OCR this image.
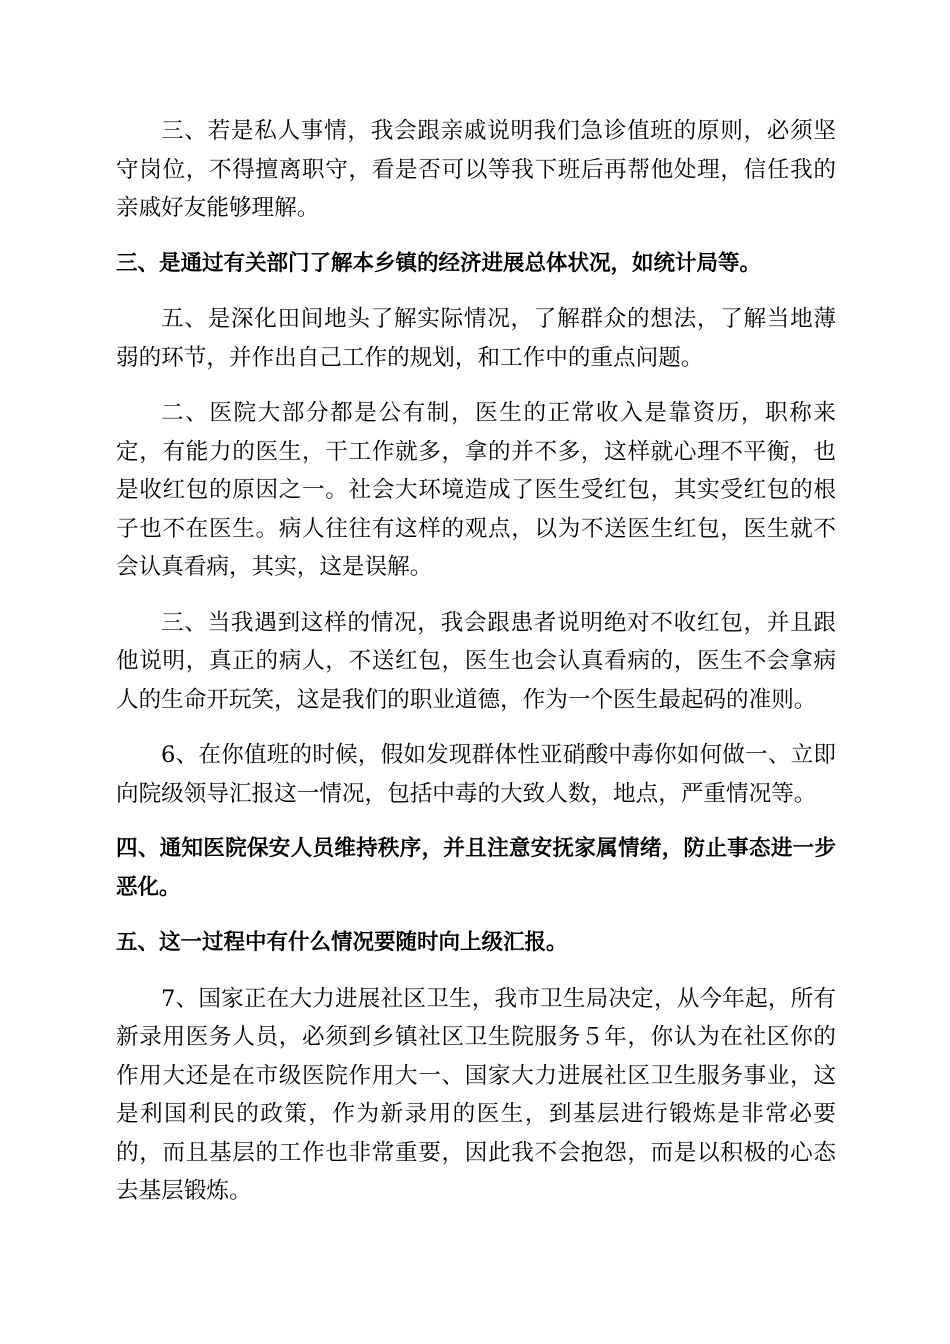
三、若是私人事情，我会跟亲戚说明我们急诊值班的原则，必须坚守岗位，不得擅离职守，看是否可以等我下班后再帮他处理，信任我的亲戚好友能够理解。

三、是通过有关部门了解本乡镇的经济进展总体状况，如统计局等。

五、是深化田间地头了解实际情况，了解群众的想法，了解当地薄弱的环节，并作出自己工作的规划，和工作中的重点问题。

二、医院大部分都是公有制，医生的正常收入是靠资历，职称来定，有能力的医生，干工作就多，拿的并不多，这样就心理不平衡，也是收红包的原因之一。社会大环境造成了医生受红包，其实受红包的根子也不在医生。病人往往有这样的观点，以为不送医生红包，医生就不会认真看病，其实，这是误解。

三、当我遇到这样的情况，我会跟患者说明绝对不收红包，并且跟他说明，真正的病人，不送红包，医生也会认真看病的，医生不会拿病人的生命开玩笑，这是我们的职业道德，作为一个医生最起码的准则。

6、在你值班的时候，假如发现群体性亚硝酸中毒你如何做一、立即向院级领导汇报这一情况，包括中毒的大致人数，地点，严重情况等。

四、通知医院保安人员维持秩序，并且注意安抚家属情绪，防止事态进一步恶化。

五、这一过程中有什么情况要随时向上级汇报。

7、国家正在大力进展社区卫生，我市卫生局决定，从今年起，所有新录用医务人员，必须到乡镇社区卫生院服务５年，你认为在社区你的作用大还是在市级医院作用大一、国家大力进展社区卫生服务事业，这是利国利民的政策，作为新录用的医生，到基层进行锻炼是非常必要的，而且基层的工作也非常重要，因此我不会抱怨，而是以积极的心态去基层锻炼。
